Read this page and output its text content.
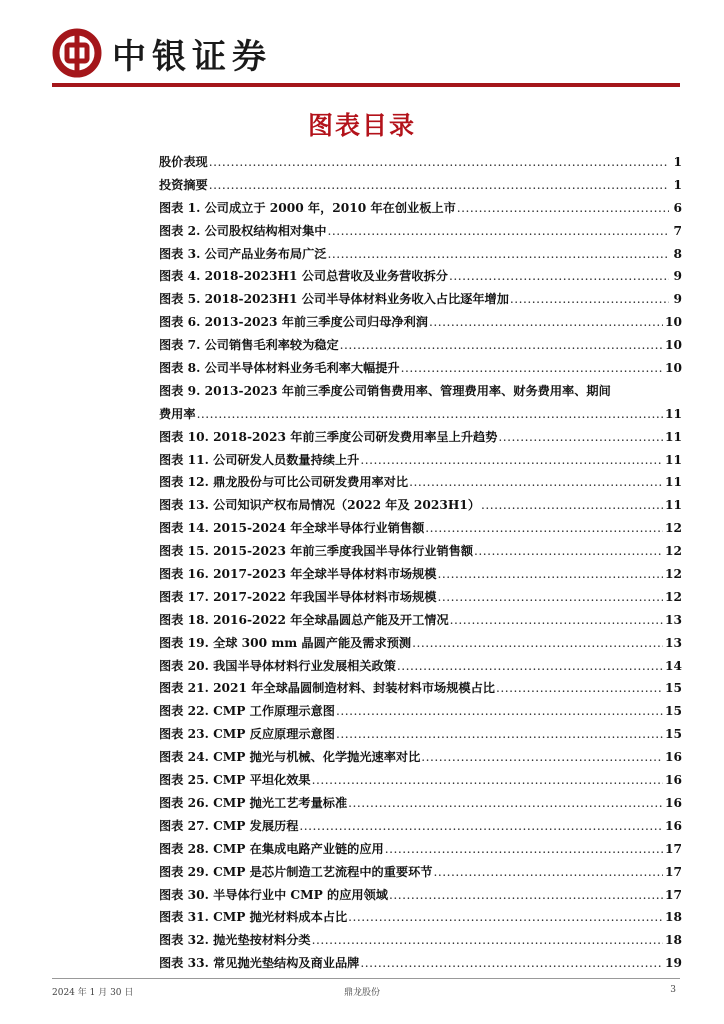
中银证券
图表目录
股价表现 .....	1
投资摘要 .....	1
图表 1. 公司成立于 2000 年，2010 年在创业板上市 .....	6
图表 2. 公司股权结构相对集中 .....	7
图表 3. 公司产品业务布局广泛 .....	8
图表 4. 2018-2023H1 公司总营收及业务营收拆分 .....	9
图表 5. 2018-2023H1 公司半导体材料业务收入占比逐年增加 .....	9
图表 6. 2013-2023 年前三季度公司归母净利润 .....	10
图表 7. 公司销售毛利率较为稳定 .....	10
图表 8. 公司半导体材料业务毛利率大幅提升 .....	10
图表 9. 2013-2023 年前三季度公司销售费用率、管理费用率、财务费用率、期间
费用率 .....	11
图表 10. 2018-2023 年前三季度公司研发费用率呈上升趋势 .....	11
图表 11. 公司研发人员数量持续上升 .....	11
图表 12. 鼎龙股份与可比公司研发费用率对比 .....	11
图表 13. 公司知识产权布局情况（2022 年及 2023H1） .....	11
图表 14. 2015-2024 年全球半导体行业销售额 .....	12
图表 15. 2015-2023 年前三季度我国半导体行业销售额 .....	12
图表 16. 2017-2023 年全球半导体材料市场规模 .....	12
图表 17. 2017-2022 年我国半导体材料市场规模 .....	12
图表 18. 2016-2022 年全球晶圆总产能及开工情况 .....	13
图表 19. 全球 300 mm 晶圆产能及需求预测 .....	13
图表 20. 我国半导体材料行业发展相关政策 .....	14
图表 21. 2021 年全球晶圆制造材料、封装材料市场规模占比 .....	15
图表 22. CMP 工作原理示意图 .....	15
图表 23. CMP 反应原理示意图 .....	15
图表 24. CMP 抛光与机械、化学抛光速率对比 .....	16
图表 25. CMP 平坦化效果 .....	16
图表 26. CMP 抛光工艺考量标准 .....	16
图表 27. CMP 发展历程 .....	16
图表 28. CMP 在集成电路产业链的应用 .....	17
图表 29. CMP 是芯片制造工艺流程中的重要环节 .....	17
图表 30. 半导体行业中 CMP 的应用领域 .....	17
图表 31. CMP 抛光材料成本占比 .....	18
图表 32. 抛光垫按材料分类 .....	18
图表 33. 常见抛光垫结构及商业品牌 .....	19
2024 年 1 月 30 日	鼎龙股份	3
